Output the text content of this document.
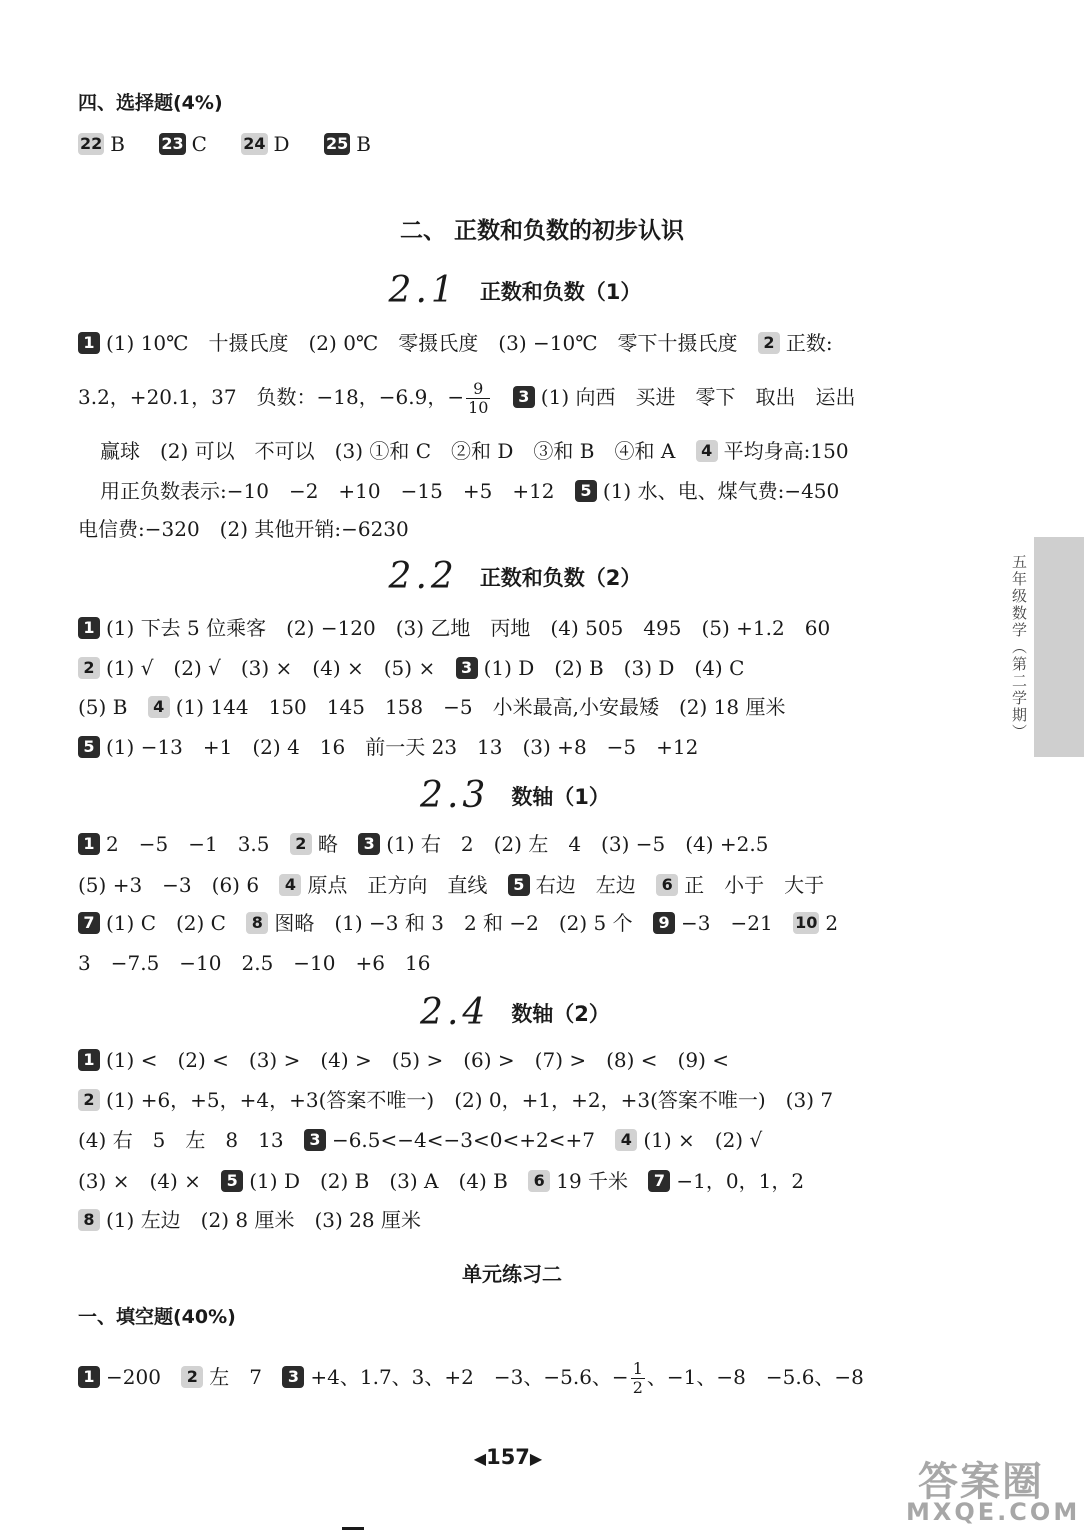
四、选择题(4%)
22 B 23 C 24 D 25 B
二、 正数和负数的初步认识
2.1 正数和负数（1）
1 (1) 10℃　十摄氏度　(2) 0℃　零摄氏度　(3) −10℃　零下十摄氏度 2 正数:
3.2，+20.1，37　负数：−18，−6.9，− $\frac{9}{10} 3$ (1) 向西　买进　零下　取出　运出
赢球　(2) 可以　不可以　(3) ①和 C　②和 D　③和 B　④和 A 4 平均身高:150
用正负数表示:−10　−2　+10　−15　+5　+12 5 (1) 水、电、煤气费:−450
电信费:−320　(2) 其他开销:−6230
2.2 正数和负数（2）
1 (1) 下去 5 位乘客　(2) −120　(3) 乙地　丙地　(4) 505　495　(5) +1.2　60
2 (1) √　(2) √　(3) ×　(4) ×　(5) × 3 (1) D　(2) B　(3) D　(4) C
(5) B 4 (1) 144　150　145　158　−5　小米最高,小安最矮　(2) 18 厘米
5 (1) −13　+1　(2) 4　16　前一天 23　13　(3) +8　−5　+12
2.3 数轴（1）
1 2　−5　−1　3.5 2 略 3 (1) 右　2　(2) 左　4　(3) −5　(4) +2.5
(5) +3　−3　(6) 6 4 原点　正方向　直线 5 右边　左边 6 正　小于　大于
7 (1) C　(2) C 8 图略　(1) −3 和 3　2 和 −2　(2) 5 个 9 −3　−21 10 2
3　−7.5　−10　2.5　−10　+6　16
2.4 数轴（2）
1 (1) <　(2) <　(3) >　(4) >　(5) >　(6) >　(7) >　(8) <　(9) <
2 (1) +6，+5，+4，+3(答案不唯一)　(2) 0，+1，+2，+3(答案不唯一)　(3) 7
(4) 右　5　左　8　13 3 −6.5<−4<−3<0<+2<+7 4 (1) ×　(2) √
(3) ×　(4) × 5 (1) D　(2) B　(3) A　(4) B 6 19 千米 7 −1，0，1，2
8 (1) 左边　(2) 8 厘米　(3) 28 厘米
单元练习二
一、填空题(40%)
1 −200 2 左　7 3 +4、1.7、3、+2　−3、−5.6、− $\frac{1}{2}$ 、−1、−8　−5.6、−8
五年级数学（第二学期）
◀157▶
答案圈
MXQE.COM
